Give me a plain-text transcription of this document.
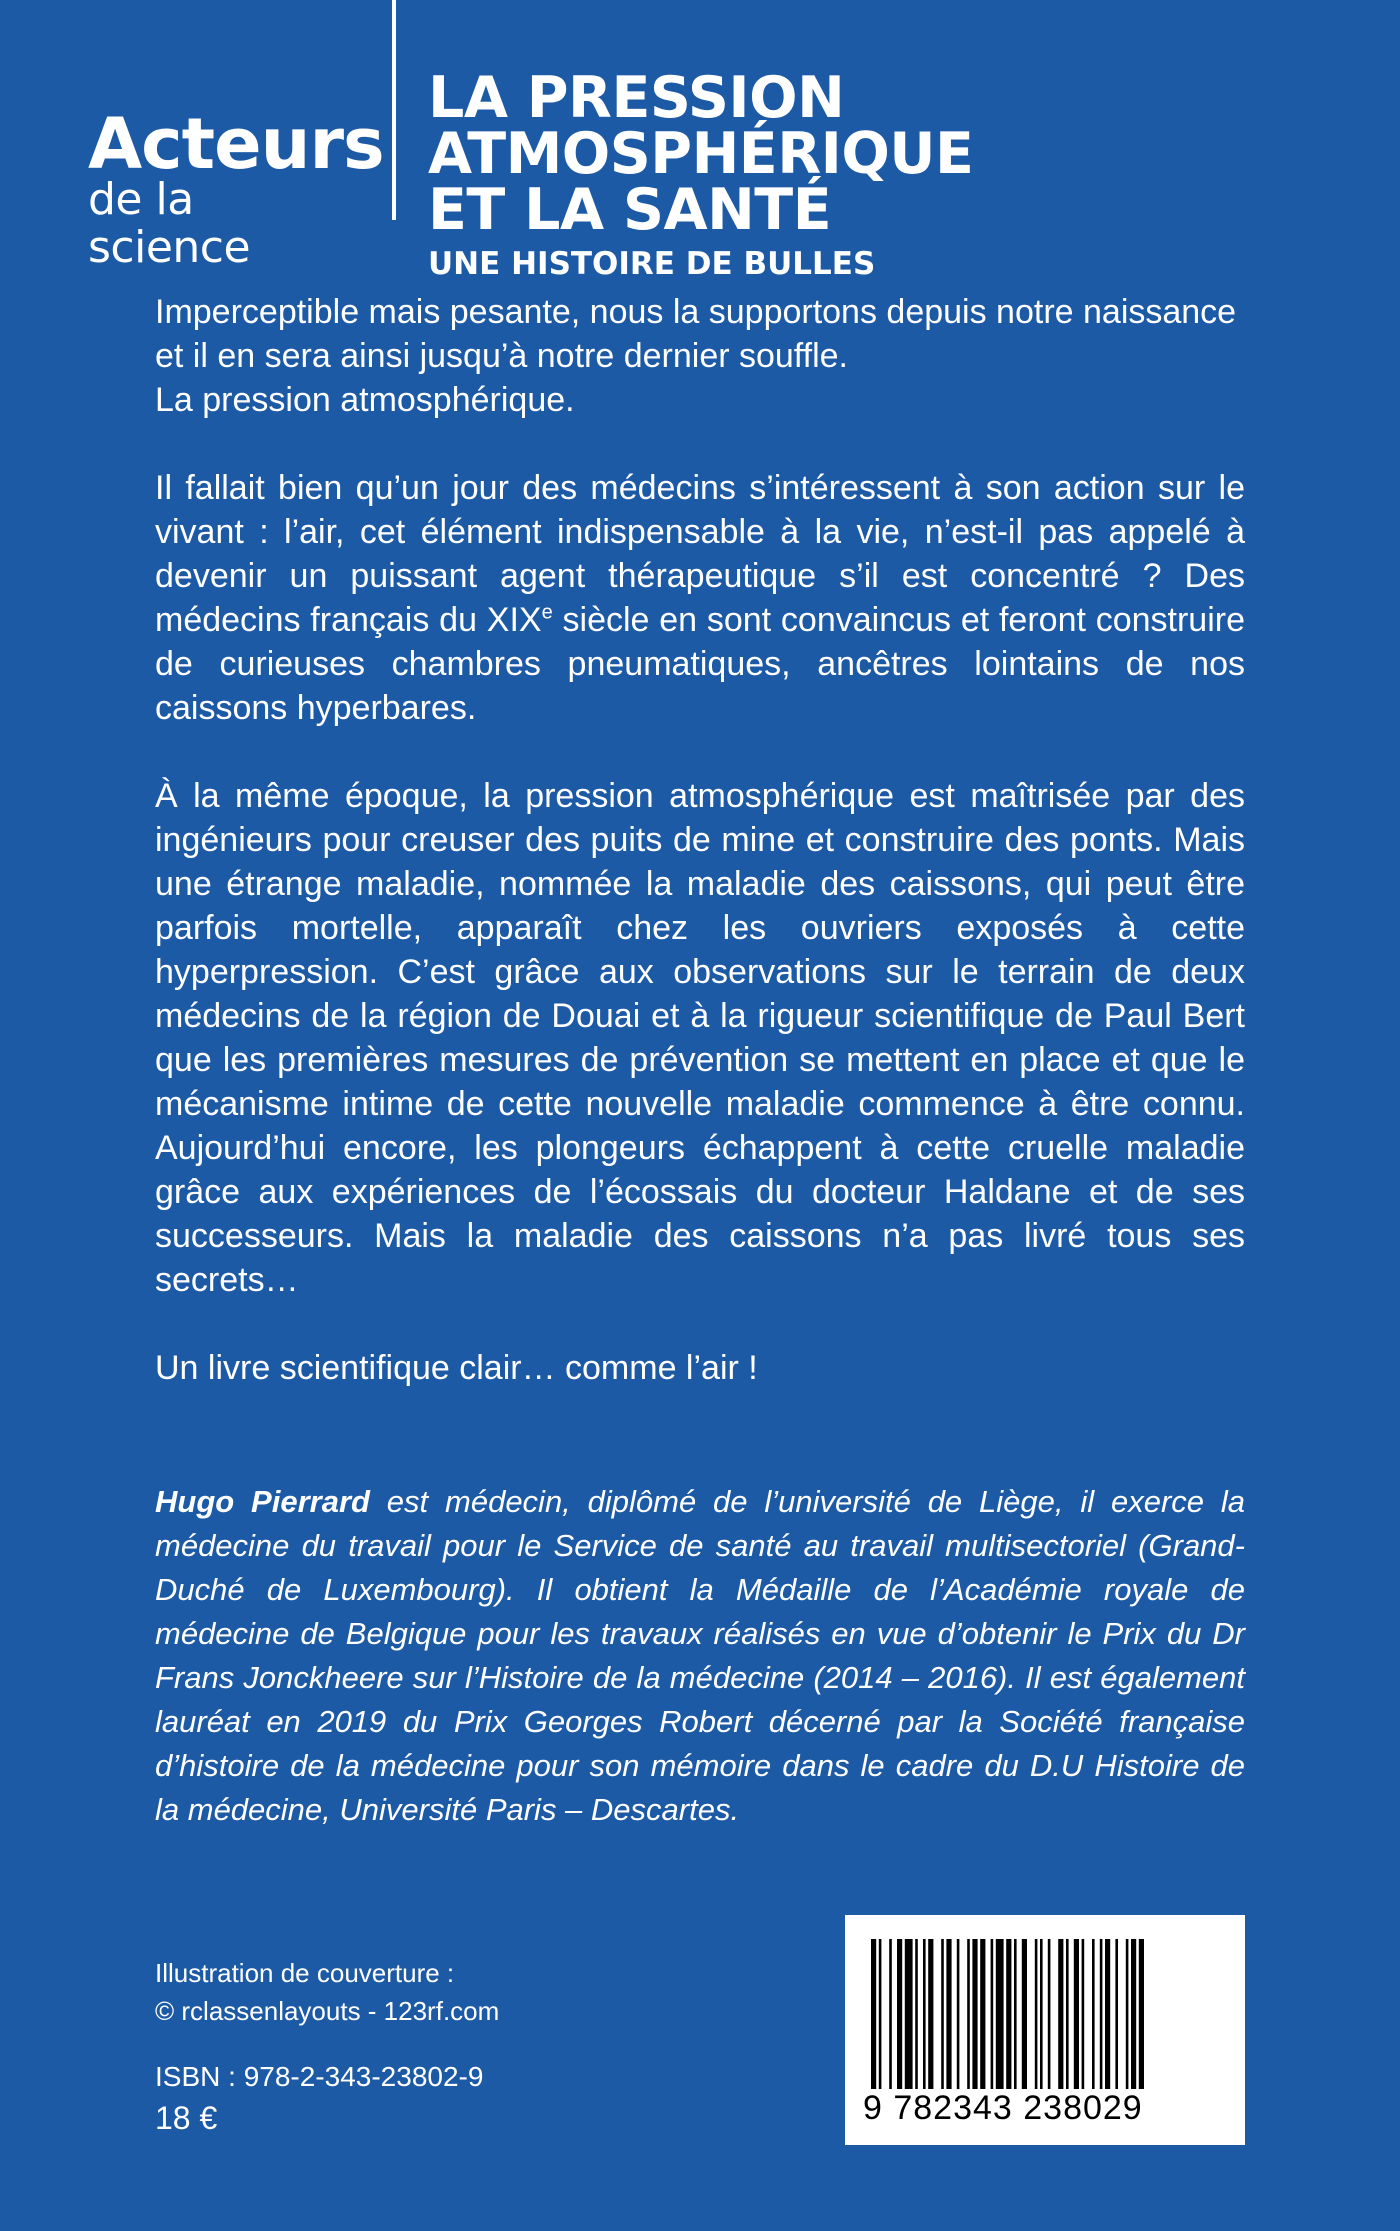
Acteurs
de la science
LA PRESSION ATMOSPHÉRIQUE
ET LA SANTÉ
UNE HISTOIRE DE BULLES

Imperceptible mais pesante, nous la supportons depuis notre naissance

et il en sera ainsi jusqu’à notre dernier souffle.

La pression atmosphérique.

Il fallait bien qu’un jour des médecins s’intéressent à son action sur le vivant : l’air, cet élément indispensable à la vie, n’est-il pas appelé à devenir un puissant agent thérapeutique s’il est concentré ? Des médecins français du XIXe siècle en sont convaincus et feront construire de curieuses chambres pneumatiques, ancêtres lointains de nos caissons hyperbares.

À la même époque, la pression atmosphérique est maîtrisée par des ingénieurs pour creuser des puits de mine et construire des ponts. Mais une étrange maladie, nommée la maladie des caissons, qui peut être parfois mortelle, apparaît chez les ouvriers exposés à cette hyperpression. C’est grâce aux observations sur le terrain de deux médecins de la région de Douai et à la rigueur scientifique de Paul Bert que les premières mesures de prévention se mettent en place et que le mécanisme intime de cette nouvelle maladie commence à être connu. Aujourd’hui encore, les plongeurs échappent à cette cruelle maladie grâce aux expériences de l’écossais du docteur Haldane et de ses successeurs. Mais la maladie des caissons n’a pas livré tous ses secrets…

Un livre scientifique clair… comme l’air !

Hugo Pierrard est médecin, diplômé de l’université de Liège, il exerce la médecine du travail pour le Service de santé au travail multisectoriel (Grand-Duché de Luxembourg). Il obtient la Médaille de l’Académie royale de médecine de Belgique pour les travaux réalisés en vue d’obtenir le Prix du Dr Frans Jonckheere sur l’Histoire de la médecine (2014 – 2016). Il est également lauréat en 2019 du Prix Georges Robert décerné par la Société française d’histoire de la médecine pour son mémoire dans le cadre du D.U Histoire de la médecine, Université Paris – Descartes.

Illustration de couverture :
© rclassenlayouts - 123rf.com
ISBN : 978-2-343-23802-9
18 €	9 782343 238029
